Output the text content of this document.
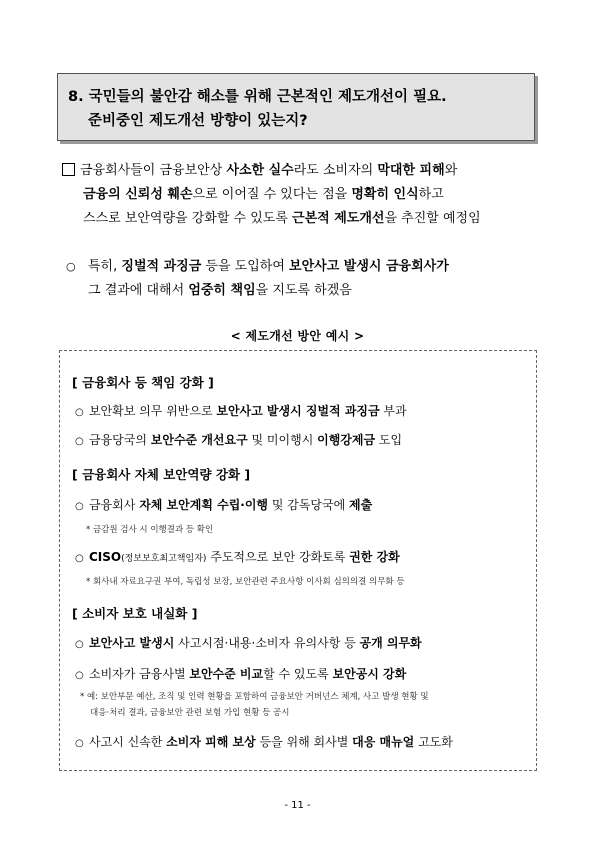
8. 국민들의 불안감 해소를 위해 근본적인 제도개선이 필요.
준비중인 제도개선 방향이 있는지?
금융회사들이 금융보안상 사소한 실수라도 소비자의 막대한 피해와
금융의 신뢰성 훼손으로 이어질 수 있다는 점을 명확히 인식하고
스스로 보안역량을 강화할 수 있도록 근본적 제도개선을 추진할 예정임
○ 특히, 징벌적 과징금 등을 도입하여 보안사고 발생시 금융회사가
그 결과에 대해서 엄중히 책임을 지도록 하겠음
< 제도개선 방안 예시 >
[ 금융회사 등 책임 강화 ]
○ 보안확보 의무 위반으로 보안사고 발생시 징벌적 과징금 부과
○ 금융당국의 보안수준 개선요구 및 미이행시 이행강제금 도입
[ 금융회사 자체 보안역량 강화 ]
○ 금융회사 자체 보안계획 수립·이행 및 감독당국에 제출
* 금감원 검사 시 이행결과 등 확인
○ CISO(정보보호최고책임자) 주도적으로 보안 강화토록 권한 강화
* 회사내 자료요구권 부여, 독립성 보장, 보안관련 주요사항 이사회 심의의결 의무화 등
[ 소비자 보호 내실화 ]
○ 보안사고 발생시 사고시점·내용·소비자 유의사항 등 공개 의무화
○ 소비자가 금융사별 보안수준 비교할 수 있도록 보안공시 강화
* 예: 보안부문 예산, 조직 및 인력 현황을 포함하여 금융보안 거버넌스 체계, 사고 발생 현황 및
대응·처리 결과, 금융보안 관련 보험 가입 현황 등 공시
○ 사고시 신속한 소비자 피해 보상 등을 위해 회사별 대응 매뉴얼 고도화
- 11 -
